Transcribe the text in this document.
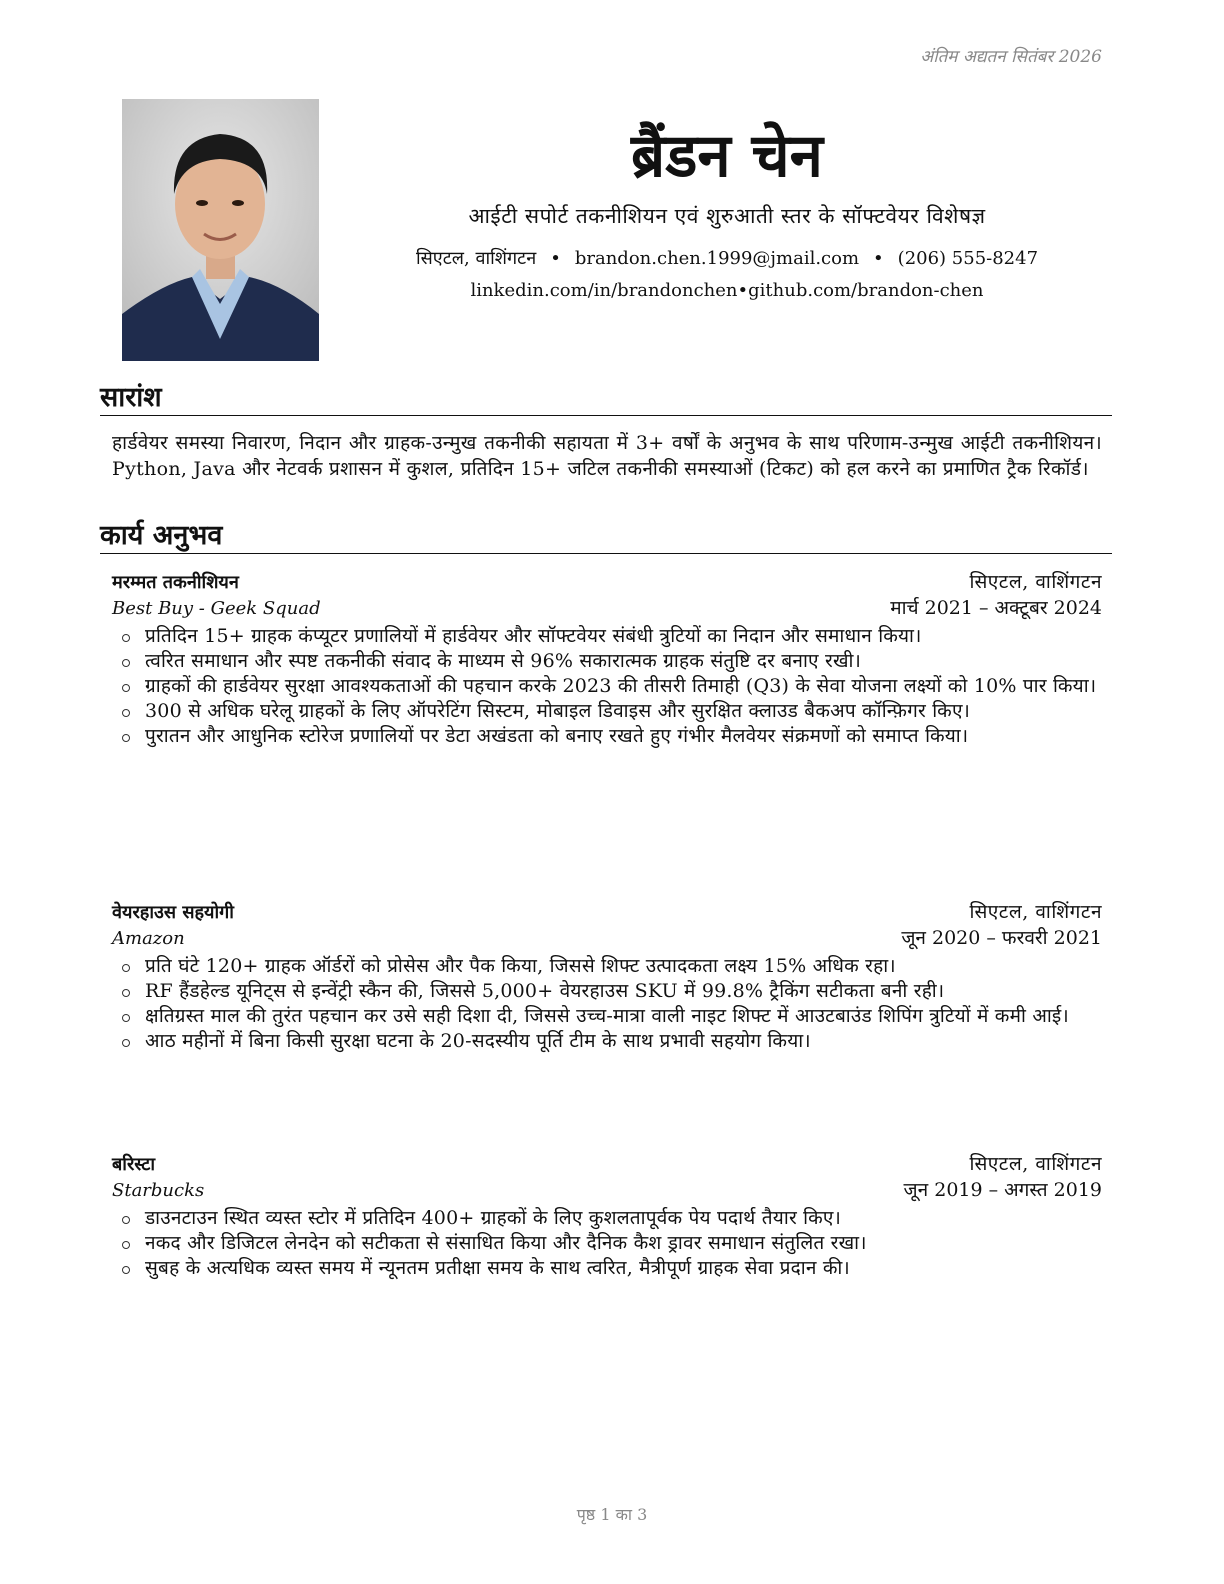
अंतिम अद्यतन सितंबर 2026
ब्रैंडन चेन
आईटी सपोर्ट तकनीशियन एवं शुरुआती स्तर के सॉफ्टवेयर विशेषज्ञ
सिएटल, वाशिंगटन • brandon.chen.1999@jmail.com • (206) 555-8247
linkedin.com/in/brandonchen•github.com/brandon-chen
सारांश
हार्डवेयर समस्या निवारण, निदान और ग्राहक-उन्मुख तकनीकी सहायता में 3+ वर्षों के अनुभव के साथ परिणाम-उन्मुख आईटी तकनीशियन। Python, Java और नेटवर्क प्रशासन में कुशल, प्रतिदिन 15+ जटिल तकनीकी समस्याओं (टिकट) को हल करने का प्रमाणित ट्रैक रिकॉर्ड।
कार्य अनुभव
मरम्मत तकनीशियन	सिएटल, वाशिंगटन
Best Buy - Geek Squad	मार्च 2021 – अक्टूबर 2024
प्रतिदिन 15+ ग्राहक कंप्यूटर प्रणालियों में हार्डवेयर और सॉफ्टवेयर संबंधी त्रुटियों का निदान और समाधान किया।
त्वरित समाधान और स्पष्ट तकनीकी संवाद के माध्यम से 96% सकारात्मक ग्राहक संतुष्टि दर बनाए रखी।
ग्राहकों की हार्डवेयर सुरक्षा आवश्यकताओं की पहचान करके 2023 की तीसरी तिमाही (Q3) के सेवा योजना लक्ष्यों को 10% पार किया।
300 से अधिक घरेलू ग्राहकों के लिए ऑपरेटिंग सिस्टम, मोबाइल डिवाइस और सुरक्षित क्लाउड बैकअप कॉन्फ़िगर किए।
पुरातन और आधुनिक स्टोरेज प्रणालियों पर डेटा अखंडता को बनाए रखते हुए गंभीर मैलवेयर संक्रमणों को समाप्त किया।
वेयरहाउस सहयोगी	सिएटल, वाशिंगटन
Amazon	जून 2020 – फरवरी 2021
प्रति घंटे 120+ ग्राहक ऑर्डरों को प्रोसेस और पैक किया, जिससे शिफ्ट उत्पादकता लक्ष्य 15% अधिक रहा।
RF हैंडहेल्ड यूनिट्स से इन्वेंट्री स्कैन की, जिससे 5,000+ वेयरहाउस SKU में 99.8% ट्रैकिंग सटीकता बनी रही।
क्षतिग्रस्त माल की तुरंत पहचान कर उसे सही दिशा दी, जिससे उच्च-मात्रा वाली नाइट शिफ्ट में आउटबाउंड शिपिंग त्रुटियों में कमी आई।
आठ महीनों में बिना किसी सुरक्षा घटना के 20-सदस्यीय पूर्ति टीम के साथ प्रभावी सहयोग किया।
बरिस्टा	सिएटल, वाशिंगटन
Starbucks	जून 2019 – अगस्त 2019
डाउनटाउन स्थित व्यस्त स्टोर में प्रतिदिन 400+ ग्राहकों के लिए कुशलतापूर्वक पेय पदार्थ तैयार किए।
नकद और डिजिटल लेनदेन को सटीकता से संसाधित किया और दैनिक कैश ड्रावर समाधान संतुलित रखा।
सुबह के अत्यधिक व्यस्त समय में न्यूनतम प्रतीक्षा समय के साथ त्वरित, मैत्रीपूर्ण ग्राहक सेवा प्रदान की।
पृष्ठ 1 का 3
